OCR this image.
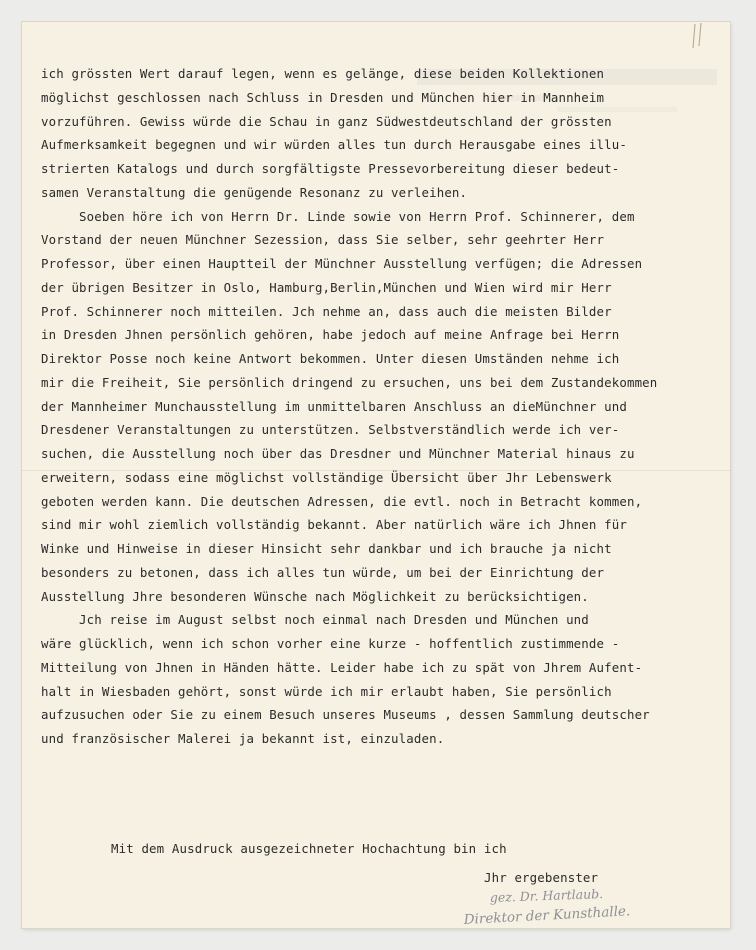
ich grössten Wert darauf legen, wenn es gelänge, diese beiden Kollektionen
möglichst geschlossen nach Schluss in Dresden und München hier in Mannheim
vorzuführen. Gewiss würde die Schau in ganz Südwestdeutschland der grössten
Aufmerksamkeit begegnen und wir würden alles tun durch Herausgabe eines illu-
strierten Katalogs und durch sorgfältigste Pressevorbereitung dieser bedeut-
samen Veranstaltung die genügende Resonanz zu verleihen.
Soeben höre ich von Herrn Dr. Linde sowie von Herrn Prof. Schinnerer, dem
Vorstand der neuen Münchner Sezession, dass Sie selber, sehr geehrter Herr
Professor, über einen Hauptteil der Münchner Ausstellung verfügen; die Adressen
der übrigen Besitzer in Oslo, Hamburg,Berlin,München und Wien wird mir Herr
Prof. Schinnerer noch mitteilen. Jch nehme an, dass auch die meisten Bilder
in Dresden Jhnen persönlich gehören, habe jedoch auf meine Anfrage bei Herrn
Direktor Posse noch keine Antwort bekommen. Unter diesen Umständen nehme ich
mir die Freiheit, Sie persönlich dringend zu ersuchen, uns bei dem Zustandekommen
der Mannheimer Munchausstellung im unmittelbaren Anschluss an dieMünchner und
Dresdener Veranstaltungen zu unterstützen. Selbstverständlich werde ich ver-
suchen, die Ausstellung noch über das Dresdner und Münchner Material hinaus zu
erweitern, sodass eine möglichst vollständige Übersicht über Jhr Lebenswerk
geboten werden kann. Die deutschen Adressen, die evtl. noch in Betracht kommen,
sind mir wohl ziemlich vollständig bekannt. Aber natürlich wäre ich Jhnen für
Winke und Hinweise in dieser Hinsicht sehr dankbar und ich brauche ja nicht
besonders zu betonen, dass ich alles tun würde, um bei der Einrichtung der
Ausstellung Jhre besonderen Wünsche nach Möglichkeit zu berücksichtigen.
Jch reise im August selbst noch einmal nach Dresden und München und
wäre glücklich, wenn ich schon vorher eine kurze - hoffentlich zustimmende -
Mitteilung von Jhnen in Händen hätte. Leider habe ich zu spät von Jhrem Aufent-
halt in Wiesbaden gehört, sonst würde ich mir erlaubt haben, Sie persönlich
aufzusuchen oder Sie zu einem Besuch unseres Museums , dessen Sammlung deutscher
und französischer Malerei ja bekannt ist, einzuladen.
Mit dem Ausdruck ausgezeichneter Hochachtung bin ich
Jhr ergebenster
gez. Dr. Hartlaub.
Direktor der Kunsthalle.
